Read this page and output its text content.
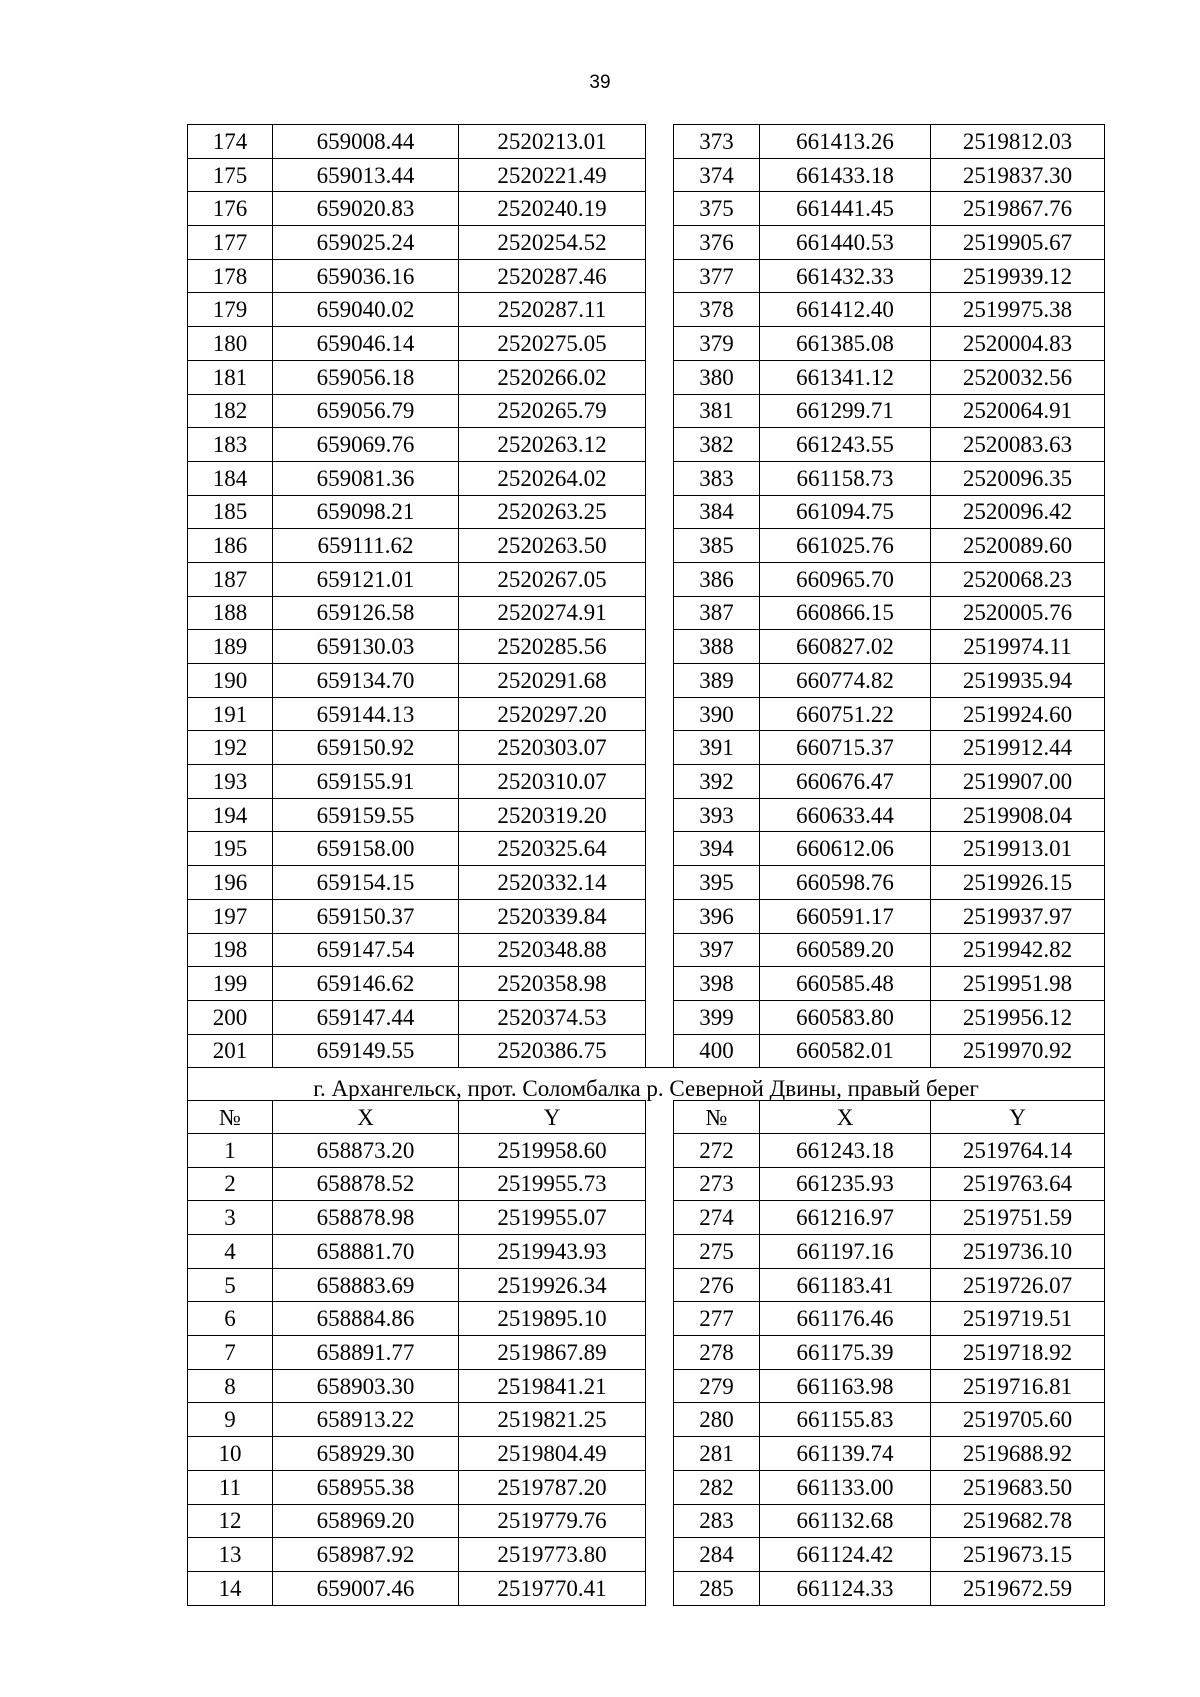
39
174	659008.44	2520213.01		373	661413.26	2519812.03
175	659013.44	2520221.49		374	661433.18	2519837.30
176	659020.83	2520240.19		375	661441.45	2519867.76
177	659025.24	2520254.52		376	661440.53	2519905.67
178	659036.16	2520287.46		377	661432.33	2519939.12
179	659040.02	2520287.11		378	661412.40	2519975.38
180	659046.14	2520275.05		379	661385.08	2520004.83
181	659056.18	2520266.02		380	661341.12	2520032.56
182	659056.79	2520265.79		381	661299.71	2520064.91
183	659069.76	2520263.12		382	661243.55	2520083.63
184	659081.36	2520264.02		383	661158.73	2520096.35
185	659098.21	2520263.25		384	661094.75	2520096.42
186	659111.62	2520263.50		385	661025.76	2520089.60
187	659121.01	2520267.05		386	660965.70	2520068.23
188	659126.58	2520274.91		387	660866.15	2520005.76
189	659130.03	2520285.56		388	660827.02	2519974.11
190	659134.70	2520291.68		389	660774.82	2519935.94
191	659144.13	2520297.20		390	660751.22	2519924.60
192	659150.92	2520303.07		391	660715.37	2519912.44
193	659155.91	2520310.07		392	660676.47	2519907.00
194	659159.55	2520319.20		393	660633.44	2519908.04
195	659158.00	2520325.64		394	660612.06	2519913.01
196	659154.15	2520332.14		395	660598.76	2519926.15
197	659150.37	2520339.84		396	660591.17	2519937.97
198	659147.54	2520348.88		397	660589.20	2519942.82
199	659146.62	2520358.98		398	660585.48	2519951.98
200	659147.44	2520374.53		399	660583.80	2519956.12
201	659149.55	2520386.75		400	660582.01	2519970.92
г. Архангельск, прот. Соломбалка р. Северной Двины, правый берег						
№	X	Y		№	X	Y
1	658873.20	2519958.60		272	661243.18	2519764.14
2	658878.52	2519955.73		273	661235.93	2519763.64
3	658878.98	2519955.07		274	661216.97	2519751.59
4	658881.70	2519943.93		275	661197.16	2519736.10
5	658883.69	2519926.34		276	661183.41	2519726.07
6	658884.86	2519895.10		277	661176.46	2519719.51
7	658891.77	2519867.89		278	661175.39	2519718.92
8	658903.30	2519841.21		279	661163.98	2519716.81
9	658913.22	2519821.25		280	661155.83	2519705.60
10	658929.30	2519804.49		281	661139.74	2519688.92
11	658955.38	2519787.20		282	661133.00	2519683.50
12	658969.20	2519779.76		283	661132.68	2519682.78
13	658987.92	2519773.80		284	661124.42	2519673.15
14	659007.46	2519770.41		285	661124.33	2519672.59
